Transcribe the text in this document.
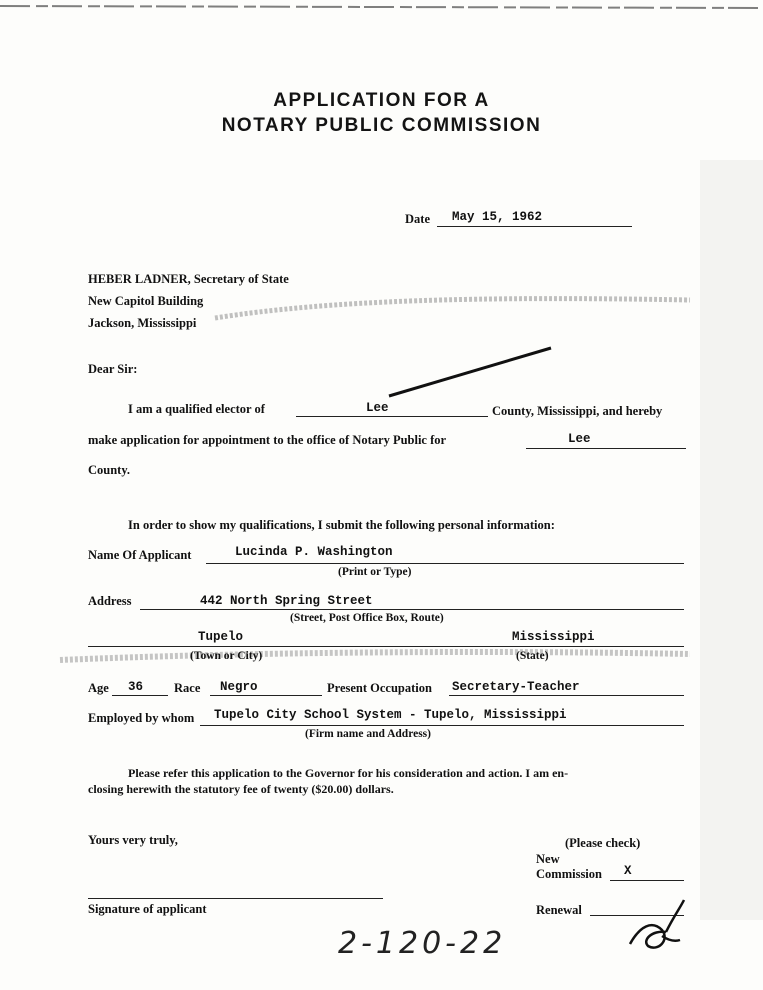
APPLICATION FOR A
NOTARY PUBLIC COMMISSION
Date May 15, 1962
HEBER LADNER, Secretary of State
New Capitol Building
Jackson, Mississippi
Dear Sir:
I am a qualified elector of	Lee	County, Mississippi, and hereby
make application for appointment to the office of Notary Public for	Lee
County.
In order to show my qualifications, I submit the following personal information:
Name Of Applicant	Lucinda P. Washington
(Print or Type)
Address	442 North Spring Street
(Street, Post Office Box, Route)
Tupelo	Mississippi
(Town or City)	(State)
Age 36 Race Negro	Present Occupation Secretary-Teacher
Employed by whom Tupelo City School System - Tupelo, Mississippi
(Firm name and Address)
Please refer this application to the Governor for his consideration and action. I am en-
closing herewith the statutory fee of twenty ($20.00) dollars.
Yours very truly,	(Please check)
New
Commission X
Renewal
Signature of applicant
2-120-22
